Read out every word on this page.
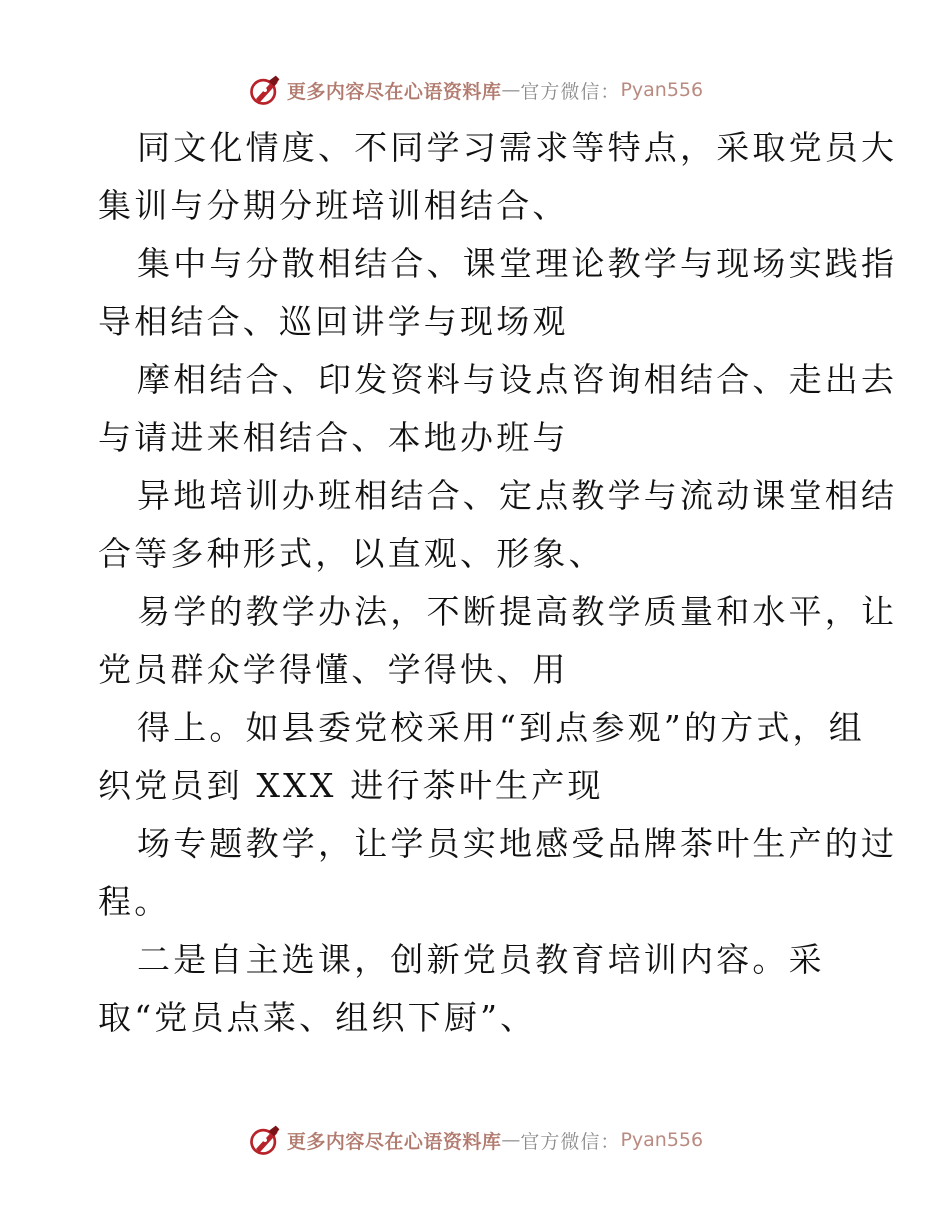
更多内容尽在心语资料库 — 官方微信： Pyan556
同文化情度、不同学习需求等特点，采取党员大
集训与分期分班培训相结合、
集中与分散相结合、课堂理论教学与现场实践指
导相结合、巡回讲学与现场观
摩相结合、印发资料与设点咨询相结合、走出去
与请进来相结合、本地办班与
异地培训办班相结合、定点教学与流动课堂相结
合等多种形式，以直观、形象、
易学的教学办法，不断提高教学质量和水平，让
党员群众学得懂、学得快、用
得上。如县委党校采用“到点参观”的方式，组
织党员到 XXX 进行茶叶生产现
场专题教学，让学员实地感受品牌茶叶生产的过
程。
二是自主选课，创新党员教育培训内容。采
取“党员点菜、组织下厨”、
更多内容尽在心语资料库 — 官方微信： Pyan556
